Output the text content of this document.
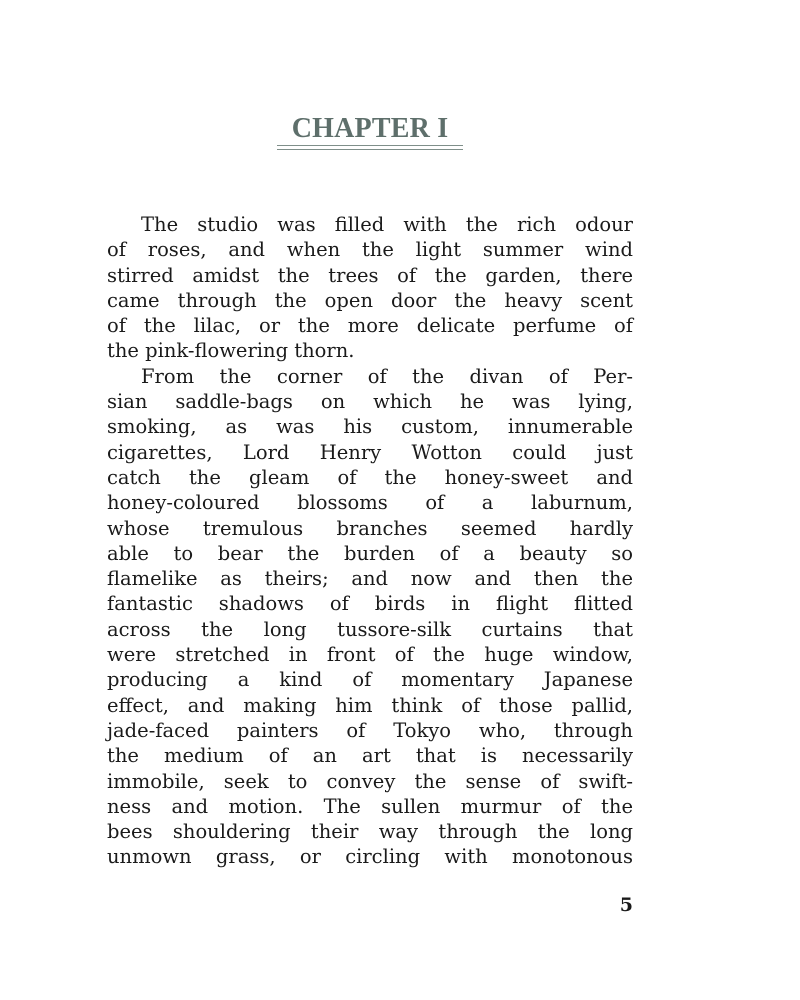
CHAPTER I
The studio was filled with the rich odour
of roses, and when the light summer wind
stirred amidst the trees of the garden, there
came through the open door the heavy scent
of the lilac, or the more delicate perfume of
the pink-flowering thorn.
From the corner of the divan of Per-
sian saddle-bags on which he was lying,
smoking, as was his custom, innumerable
cigarettes, Lord Henry Wotton could just
catch the gleam of the honey-sweet and
honey-coloured blossoms of a laburnum,
whose tremulous branches seemed hardly
able to bear the burden of a beauty so
flamelike as theirs; and now and then the
fantastic shadows of birds in flight flitted
across the long tussore-silk curtains that
were stretched in front of the huge window,
producing a kind of momentary Japanese
effect, and making him think of those pallid,
jade-faced painters of Tokyo who, through
the medium of an art that is necessarily
immobile, seek to convey the sense of swift-
ness and motion. The sullen murmur of the
bees shouldering their way through the long
unmown grass, or circling with monotonous
5
